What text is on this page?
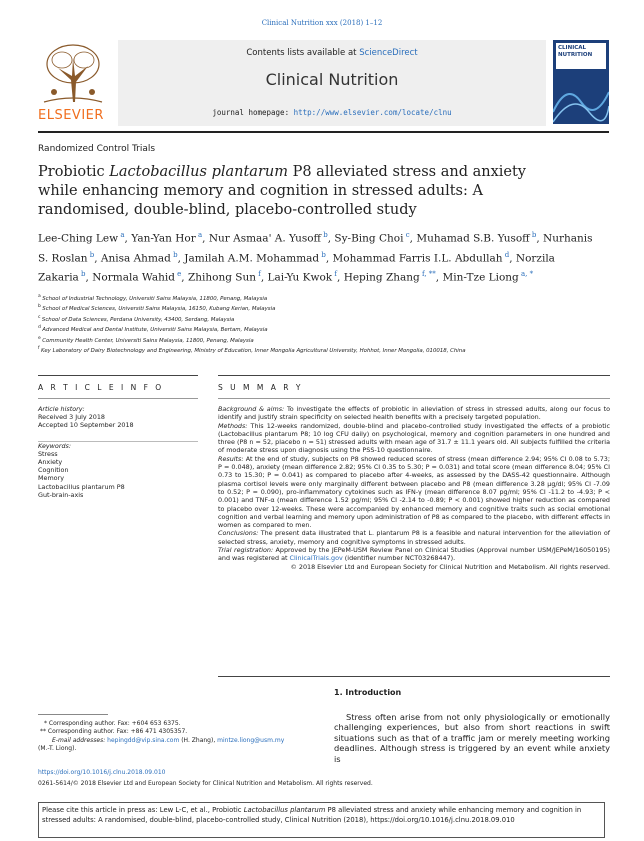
Clinical Nutrition xxx (2018) 1–12
ELSEVIER
Contents lists available at ScienceDirect
Clinical Nutrition
journal homepage: http://www.elsevier.com/locate/clnu
CLINICAL NUTRITION
Randomized Control Trials
Probiotic Lactobacillus plantarum P8 alleviated stress and anxiety while enhancing memory and cognition in stressed adults: A randomised, double-blind, placebo-controlled study
Lee-Ching Lew $^a$, Yan-Yan Hor $^a$, Nur Asmaa' A. Yusoff $^b$, Sy-Bing Choi $^c$, Muhamad S.B. Yusoff $^b$, Nurhanis S. Roslan $^b$, Anisa Ahmad $^b$, Jamilah A.M. Mohammad $^b$, Mohammad Farris I.L. Abdullah $^d$, Norzila Zakaria $^b$, Normala Wahid $^e$, Zhihong Sun $^f$, Lai-Yu Kwok $^f$, Heping Zhang $^{f, **}$, Min-Tze Liong $^{a, *}$
$^a$ School of Industrial Technology, Universiti Sains Malaysia, 11800, Penang, Malaysia
$^b$ School of Medical Sciences, Universiti Sains Malaysia, 16150, Kubang Kerian, Malaysia
$^c$ School of Data Sciences, Perdana University, 43400, Serdang, Malaysia
$^d$ Advanced Medical and Dental Institute, Universiti Sains Malaysia, Bertam, Malaysia
$^e$ Community Health Center, Universiti Sains Malaysia, 11800, Penang, Malaysia
$^f$ Key Laboratory of Dairy Biotechnology and Engineering, Ministry of Education, Inner Mongolia Agricultural University, Hohhot, Inner Mongolia, 010018, China
A R T I C L E I N F O	S U M M A R Y
Article history:
Received 3 July 2018
Accepted 10 September 2018
Keywords:
Stress
Anxiety
Cognition
Memory
Lactobacillus plantarum P8
Gut-brain-axis

Background & aims: To investigate the effects of probiotic in alleviation of stress in stressed adults, along our focus to identify and justify strain specificity on selected health benefits with a precisely targeted population.

Methods: This 12-weeks randomized, double-blind and placebo-controlled study investigated the effects of a probiotic (Lactobacillus plantarum P8; 10 log CFU daily) on psychological, memory and cognition parameters in one hundred and three (P8 n = 52, placebo n = 51) stressed adults with mean age of 31.7 ± 11.1 years old. All subjects fulfilled the criteria of moderate stress upon diagnosis using the PSS-10 questionnaire.

Results: At the end of study, subjects on P8 showed reduced scores of stress (mean difference 2.94; 95% CI 0.08 to 5.73; P = 0.048), anxiety (mean difference 2.82; 95% CI 0.35 to 5.30; P = 0.031) and total score (mean difference 8.04; 95% CI 0.73 to 15.30; P = 0.041) as compared to placebo after 4-weeks, as assessed by the DASS-42 questionnaire. Although plasma cortisol levels were only marginally different between placebo and P8 (mean difference 3.28 µg/dl; 95% CI -7.09 to 0.52; P = 0.090), pro-inflammatory cytokines such as IFN-γ (mean difference 8.07 pg/ml; 95% CI -11.2 to -4.93; P < 0.001) and TNF-α (mean difference 1.52 pg/ml; 95% CI -2.14 to -0.89; P < 0.001) showed higher reduction as compared to placebo over 12-weeks. These were accompanied by enhanced memory and cognitive traits such as social emotional cognition and verbal learning and memory upon administration of P8 as compared to the placebo, with different effects in women as compared to men.

Conclusions: The present data illustrated that L. plantarum P8 is a feasible and natural intervention for the alleviation of selected stress, anxiety, memory and cognitive symptoms in stressed adults.

Trial registration: Approved by the JEPeM-USM Review Panel on Clinical Studies (Approval number USM/JEPeM/16050195) and was registered at ClinicalTrials.gov (identifier number NCT03268447).

© 2018 Elsevier Ltd and European Society for Clinical Nutrition and Metabolism. All rights reserved.

1. Introduction
Stress often arise from not only physiologically or emotionally challenging experiences, but also from short reactions in swift situations such as that of a traffic jam or merely meeting working deadlines. Although stress is triggered by an event while anxiety is
* Corresponding author. Fax: +604 653 6375.
** Corresponding author. Fax: +86 471 4305357.
E-mail addresses: hepingdd@vip.sina.com (H. Zhang), mintze.liong@usm.my
(M.-T. Liong).
https://doi.org/10.1016/j.clnu.2018.09.010
0261-5614/© 2018 Elsevier Ltd and European Society for Clinical Nutrition and Metabolism. All rights reserved.
Please cite this article in press as: Lew L-C, et al., Probiotic Lactobacillus plantarum P8 alleviated stress and anxiety while enhancing memory and cognition in stressed adults: A randomised, double-blind, placebo-controlled study, Clinical Nutrition (2018), https://doi.org/10.1016/j.clnu.2018.09.010
